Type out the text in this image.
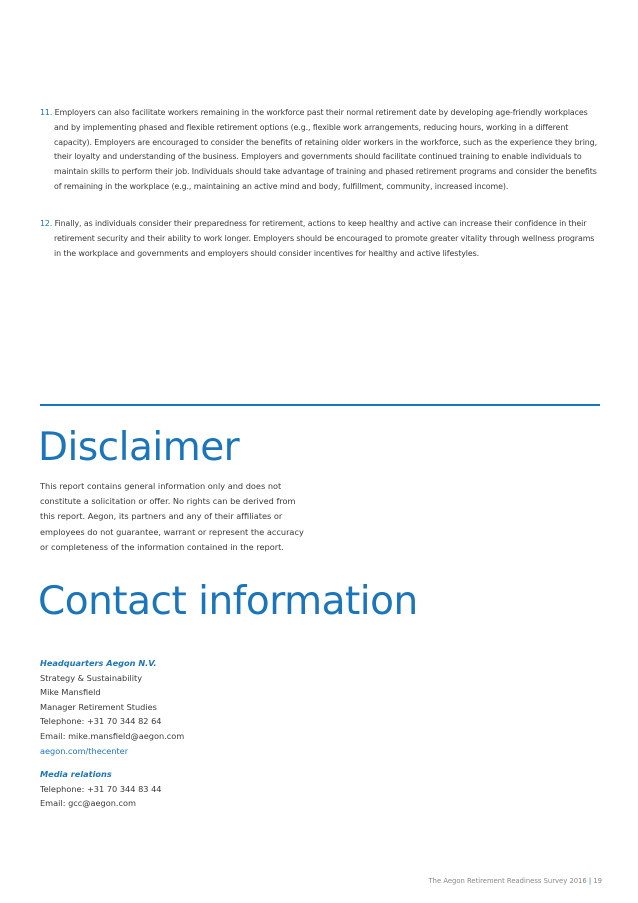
11. Employers can also facilitate workers remaining in the workforce past their normal retirement date by developing age-friendly workplaces and by implementing phased and flexible retirement options (e.g., flexible work arrangements, reducing hours, working in a different capacity). Employers are encouraged to consider the benefits of retaining older workers in the workforce, such as the experience they bring, their loyalty and understanding of the business. Employers and governments should facilitate continued training to enable individuals to maintain skills to perform their job. Individuals should take advantage of training and phased retirement programs and consider the benefits of remaining in the workplace (e.g., maintaining an active mind and body, fulfillment, community, increased income).

12. Finally, as individuals consider their preparedness for retirement, actions to keep healthy and active can increase their confidence in their retirement security and their ability to work longer. Employers should be encouraged to promote greater vitality through wellness programs in the workplace and governments and employers should consider incentives for healthy and active lifestyles.

Disclaimer
This report contains general information only and does not
constitute a solicitation or offer. No rights can be derived from
this report. Aegon, its partners and any of their affiliates or
employees do not guarantee, warrant or represent the accuracy
or completeness of the information contained in the report.
Contact information
Headquarters Aegon N.V.
Strategy & Sustainability
Mike Mansfield
Manager Retirement Studies
Telephone: +31 70 344 82 64
Email: mike.mansfield@aegon.com
aegon.com/thecenter
Media relations
Telephone: +31 70 344 83 44
Email: gcc@aegon.com
The Aegon Retirement Readiness Survey 2016 | 19
